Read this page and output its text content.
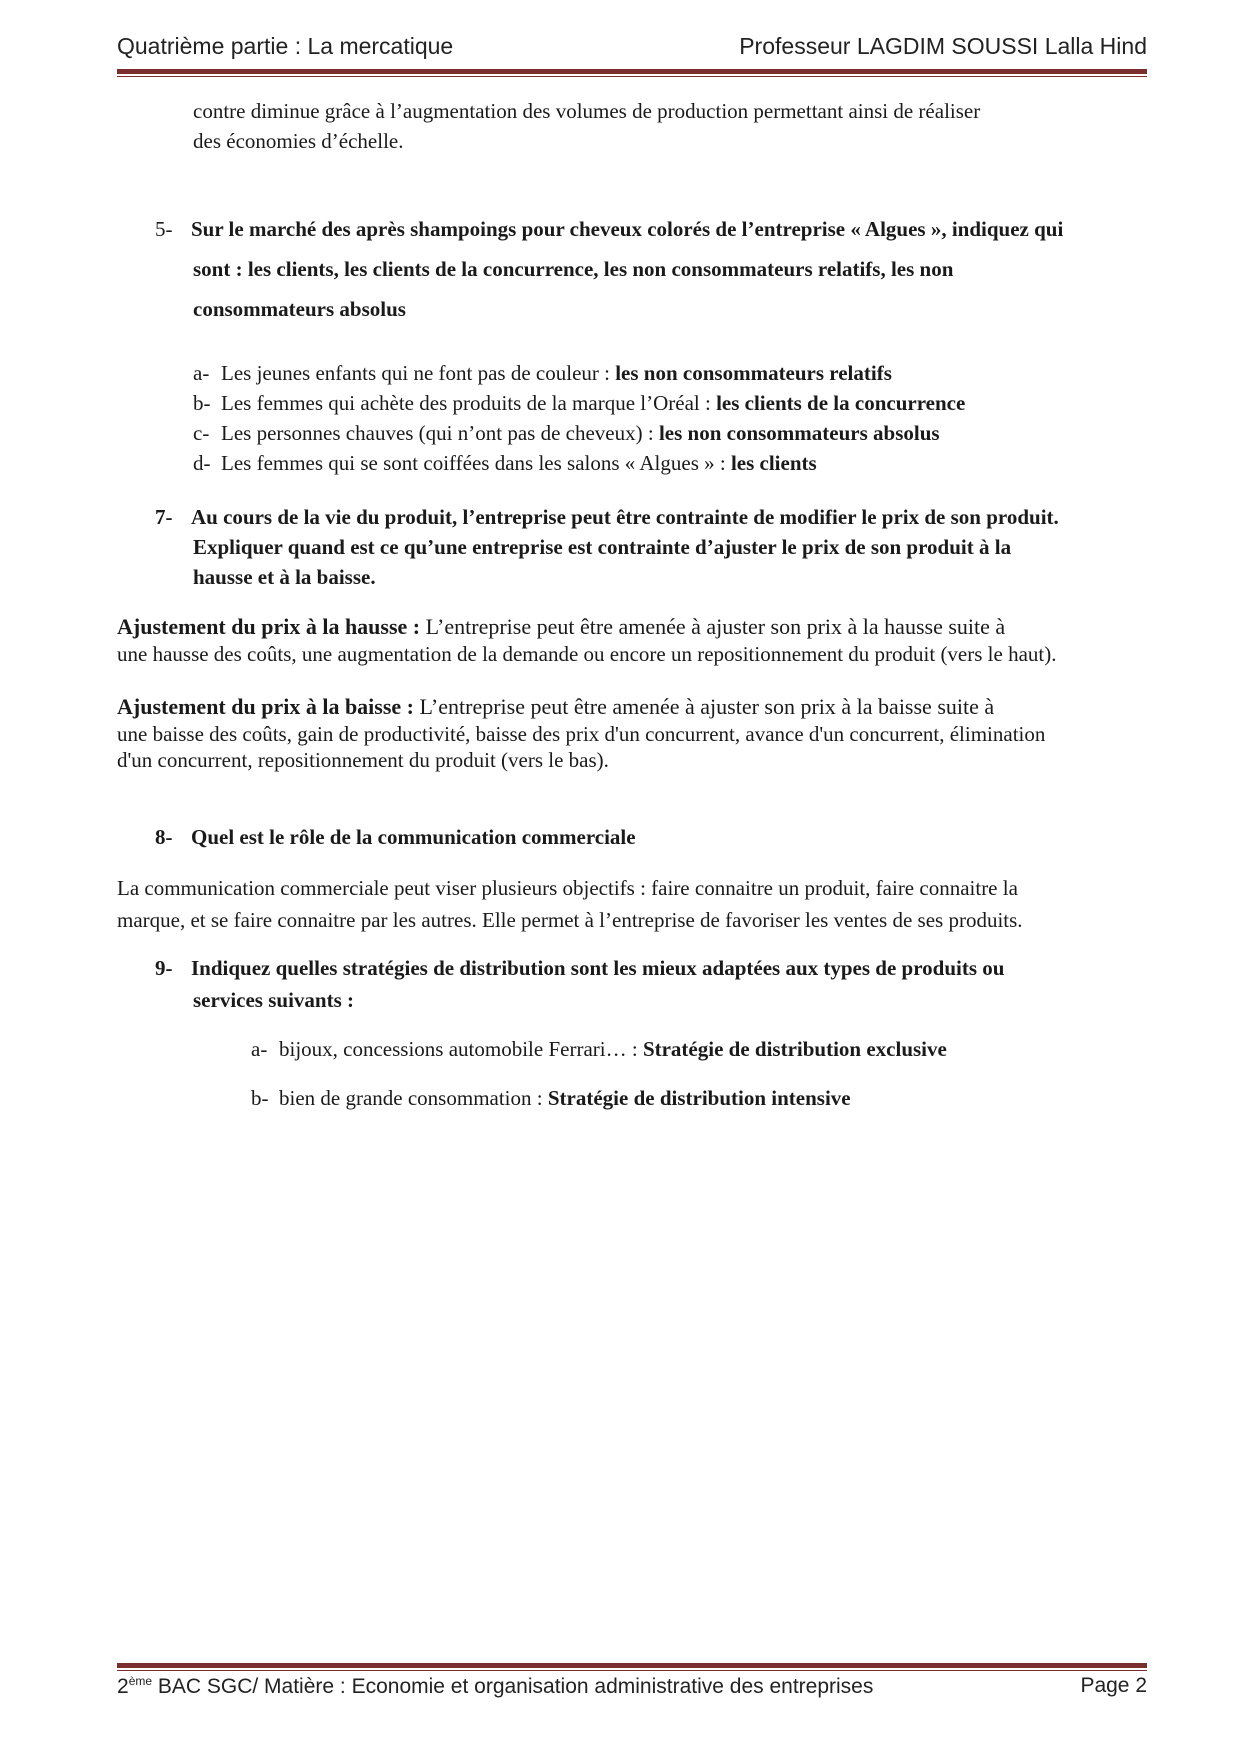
Quatrième partie : La mercatique	Professeur LAGDIM SOUSSI Lalla Hind

contre diminue grâce à l’augmentation des volumes de production permettant ainsi de réaliser

des économies d’échelle.

5- Sur le marché des après shampoings pour cheveux colorés de l’entreprise « Algues », indiquez qui

sont : les clients, les clients de la concurrence, les non consommateurs relatifs, les non

consommateurs absolus

a- Les jeunes enfants qui ne font pas de couleur : les non consommateurs relatifs

b- Les femmes qui achète des produits de la marque l’Oréal : les clients de la concurrence

c- Les personnes chauves (qui n’ont pas de cheveux) : les non consommateurs absolus

d- Les femmes qui se sont coiffées dans les salons « Algues » : les clients

7- Au cours de la vie du produit, l’entreprise peut être contrainte de modifier le prix de son produit.

Expliquer quand est ce qu’une entreprise est contrainte d’ajuster le prix de son produit à la

hausse et à la baisse.

Ajustement du prix à la hausse : L’entreprise peut être amenée à ajuster son prix à la hausse suite à

une hausse des coûts, une augmentation de la demande ou encore un repositionnement du produit (vers le haut).

Ajustement du prix à la baisse : L’entreprise peut être amenée à ajuster son prix à la baisse suite à

une baisse des coûts, gain de productivité, baisse des prix d'un concurrent, avance d'un concurrent, élimination

d'un concurrent, repositionnement du produit (vers le bas).

8- Quel est le rôle de la communication commerciale

La communication commerciale peut viser plusieurs objectifs : faire connaitre un produit, faire connaitre la

marque, et se faire connaitre par les autres. Elle permet à l’entreprise de favoriser les ventes de ses produits.

9- Indiquez quelles stratégies de distribution sont les mieux adaptées aux types de produits ou

services suivants :

a- bijoux, concessions automobile Ferrari… : Stratégie de distribution exclusive

b- bien de grande consommation : Stratégie de distribution intensive

2ème BAC SGC/ Matière : Economie et organisation administrative des entreprises	Page 2
